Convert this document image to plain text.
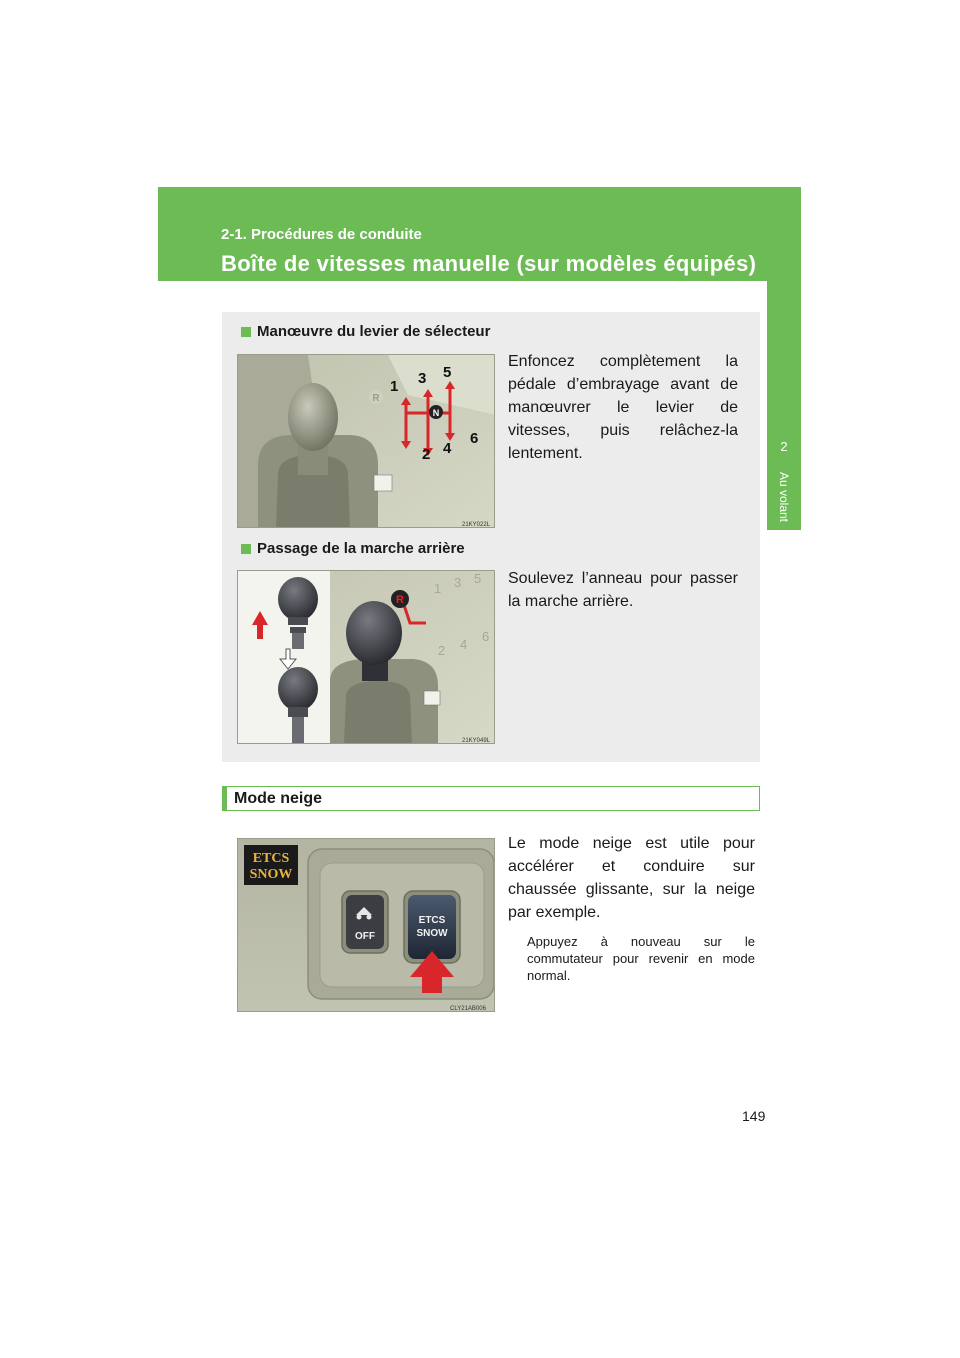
2-1. Procédures de conduite
Boîte de vitesses manuelle (sur modèles équipés)
2
Au volant
Manœuvre du levier de sélecteur
N
R
1 3 5
2 4
6
21KY022L
Enfoncez complètement la pédale d’embrayage avant de manœuvrer le levier de vitesses, puis relâchez-la lentement.
Passage de la marche arrière
R
1 3 5
2 4
6
21KY049L
Soulevez l’anneau pour passer la marche arrière.
Mode neige
ETCS
SNOW
OFF
ETCS
SNOW
CLY21AB006
Le mode neige est utile pour accélérer et conduire sur chaussée glissante, sur la neige par exemple.
Appuyez à nouveau sur le commutateur pour revenir en mode normal.
149
